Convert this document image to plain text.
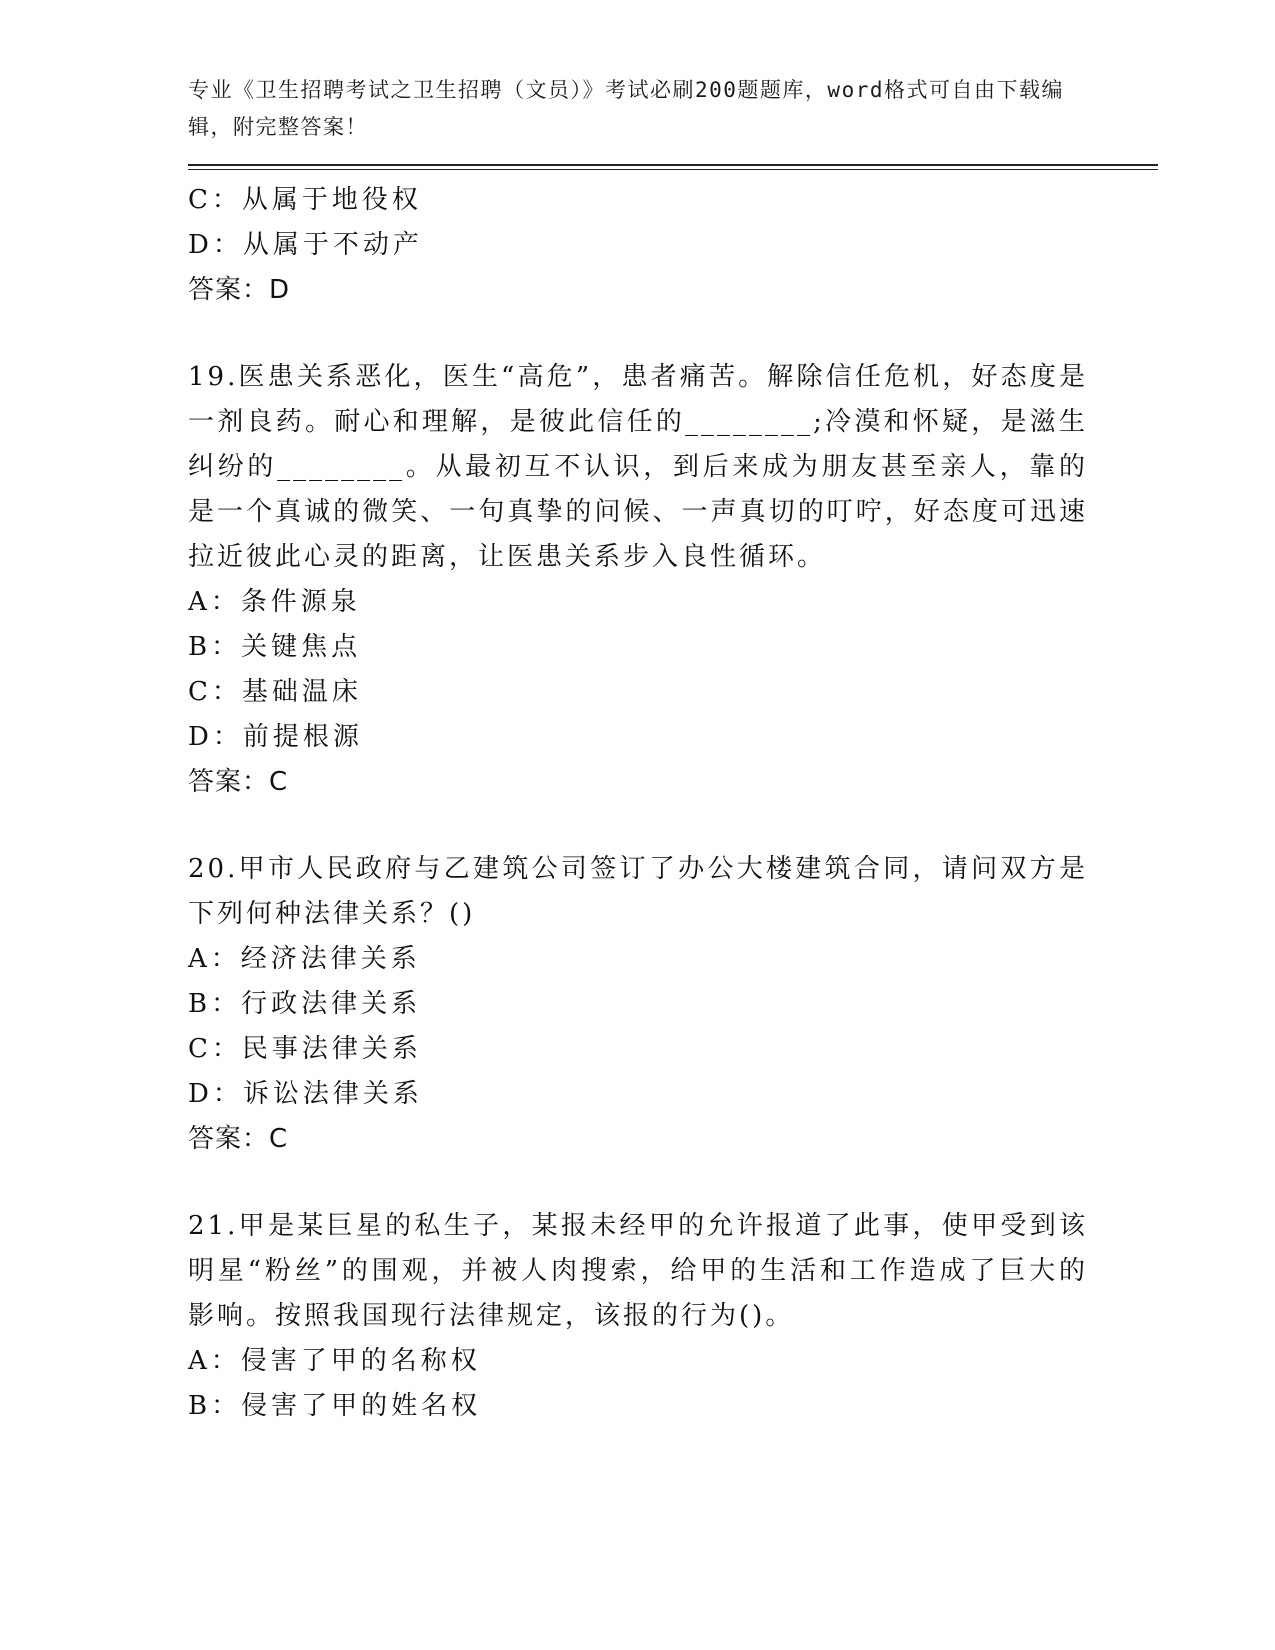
专业《卫生招聘考试之卫生招聘（文员）》考试必刷200题题库，word格式可自由下载编辑，附完整答案！
C：从属于地役权
D：从属于不动产
答案：D
19.医患关系恶化，医生“高危”，患者痛苦。解除信任危机，好态度是一剂良药。耐心和理解，是彼此信任的________;冷漠和怀疑，是滋生纠纷的________。从最初互不认识，到后来成为朋友甚至亲人，靠的是一个真诚的微笑、一句真挚的问候、一声真切的叮咛，好态度可迅速拉近彼此心灵的距离，让医患关系步入良性循环。
A：条件源泉
B：关键焦点
C：基础温床
D：前提根源
答案：C
20.甲市人民政府与乙建筑公司签订了办公大楼建筑合同，请问双方是下列何种法律关系？()
A：经济法律关系
B：行政法律关系
C：民事法律关系
D：诉讼法律关系
答案：C
21.甲是某巨星的私生子，某报未经甲的允许报道了此事，使甲受到该明星“粉丝”的围观，并被人肉搜索，给甲的生活和工作造成了巨大的影响。按照我国现行法律规定，该报的行为()。
A：侵害了甲的名称权
B：侵害了甲的姓名权
